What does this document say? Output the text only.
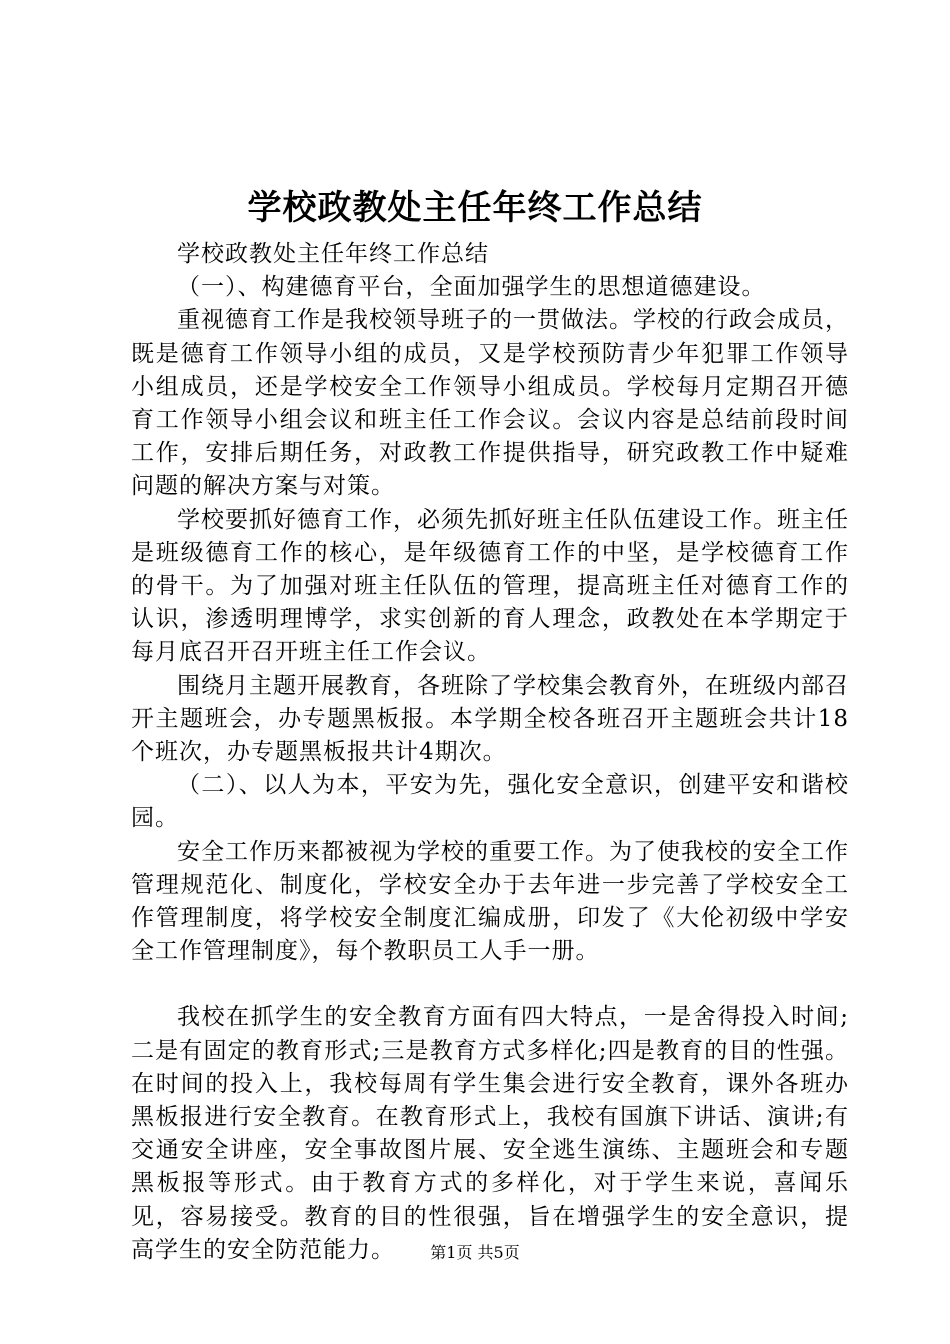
学校政教处主任年终工作总结

学校政教处主任年终工作总结

（一）、构建德育平台，全面加强学生的思想道德建设。

重视德育工作是我校领导班子的一贯做法。学校的行政会成员，既是德育工作领导小组的成员，又是学校预防青少年犯罪工作领导小组成员，还是学校安全工作领导小组成员。学校每月定期召开德育工作领导小组会议和班主任工作会议。会议内容是总结前段时间工作，安排后期任务，对政教工作提供指导，研究政教工作中疑难问题的解决方案与对策。

学校要抓好德育工作，必须先抓好班主任队伍建设工作。班主任是班级德育工作的核心，是年级德育工作的中坚，是学校德育工作的骨干。为了加强对班主任队伍的管理，提高班主任对德育工作的认识，渗透明理博学，求实创新的育人理念，政教处在本学期定于每月底召开召开班主任工作会议。

围绕月主题开展教育，各班除了学校集会教育外，在班级内部召开主题班会，办专题黑板报。本学期全校各班召开主题班会共计18个班次，办专题黑板报共计4期次。

（二）、以人为本，平安为先，强化安全意识，创建平安和谐校园。

安全工作历来都被视为学校的重要工作。为了使我校的安全工作管理规范化、制度化，学校安全办于去年进一步完善了学校安全工作管理制度，将学校安全制度汇编成册，印发了《大伦初级中学安全工作管理制度》，每个教职员工人手一册。

我校在抓学生的安全教育方面有四大特点，一是舍得投入时间;二是有固定的教育形式;三是教育方式多样化;四是教育的目的性强。在时间的投入上，我校每周有学生集会进行安全教育，课外各班办黑板报进行安全教育。在教育形式上，我校有国旗下讲话、演讲;有交通安全讲座，安全事故图片展、安全逃生演练、主题班会和专题黑板报等形式。由于教育方式的多样化，对于学生来说，喜闻乐见，容易接受。教育的目的性很强，旨在增强学生的安全意识，提高学生的安全防范能力。	第1页 共5页
